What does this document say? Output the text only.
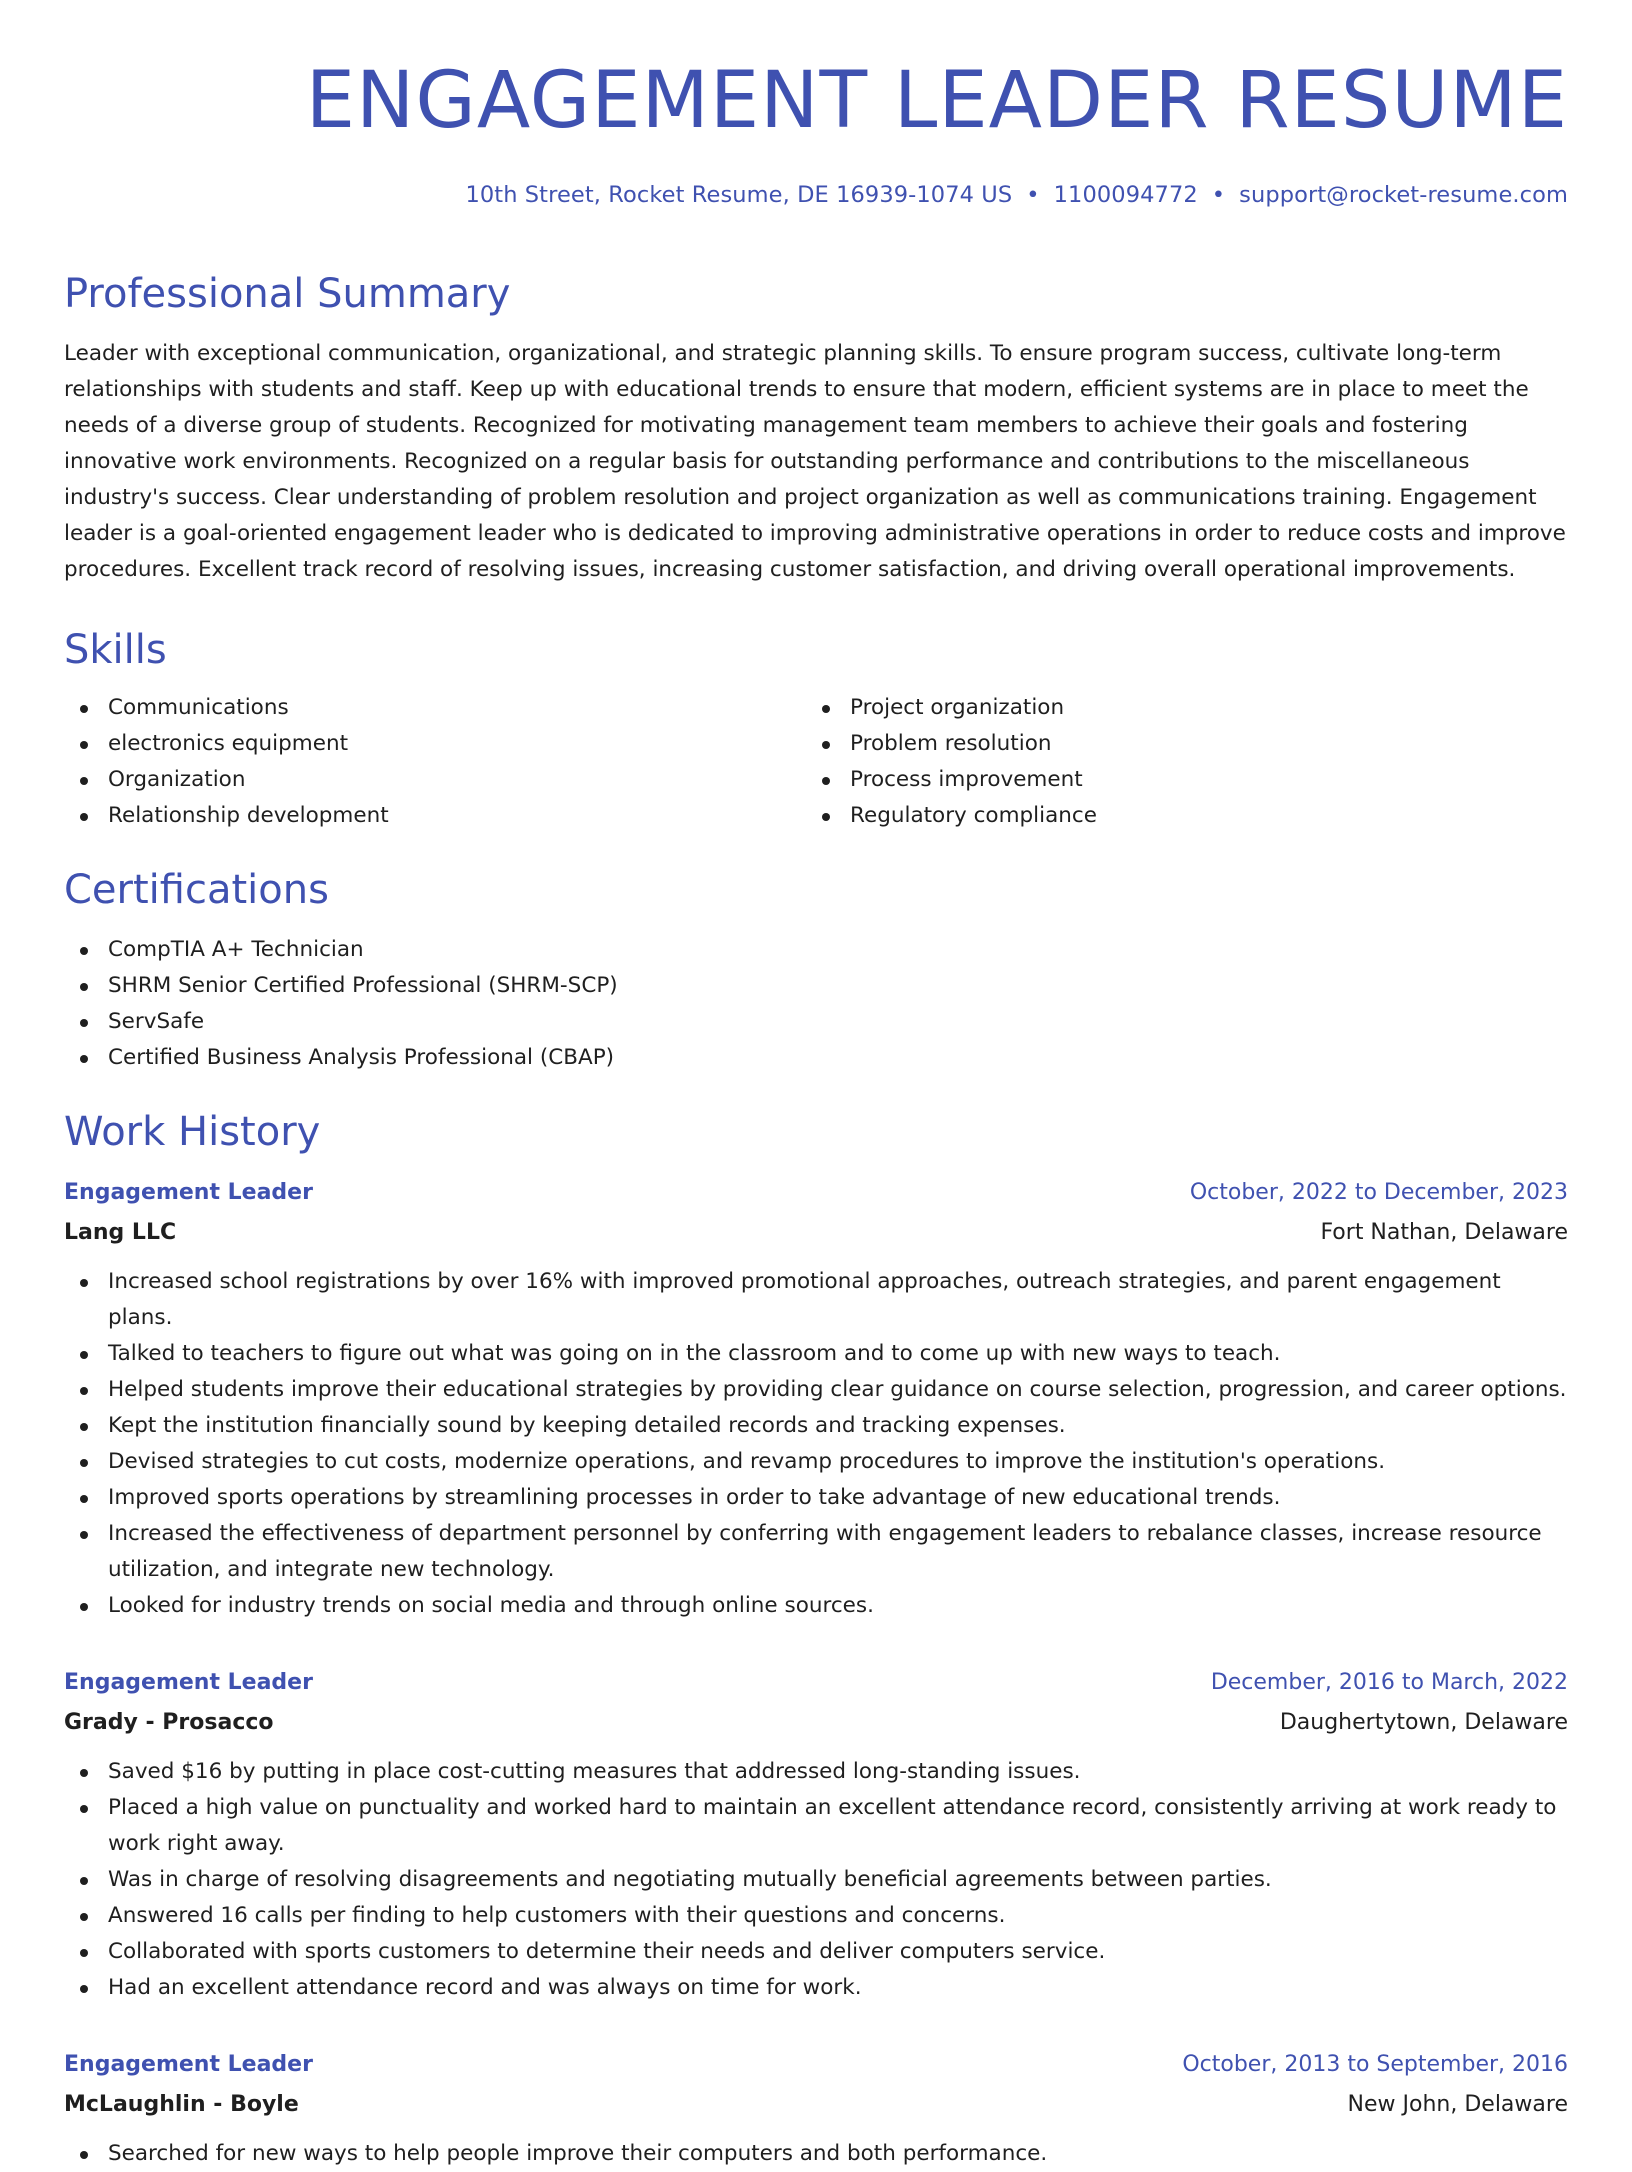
ENGAGEMENT LEADER RESUME
10th Street, Rocket Resume, DE 16939-1074 US • 1100094772 • support@rocket-resume.com
Professional Summary

Leader with exceptional communication, organizational, and strategic planning skills. To ensure program success, cultivate long-term relationships with students and staff. Keep up with educational trends to ensure that modern, efficient systems are in place to meet the needs of a diverse group of students. Recognized for motivating management team members to achieve their goals and fostering innovative work environments. Recognized on a regular basis for outstanding performance and contributions to the miscellaneous industry's success. Clear understanding of problem resolution and project organization as well as communications training. Engagement leader is a goal-oriented engagement leader who is dedicated to improving administrative operations in order to reduce costs and improve procedures. Excellent track record of resolving issues, increasing customer satisfaction, and driving overall operational improvements.

Skills
Communications
electronics equipment
Organization
Relationship development
Project organization
Problem resolution
Process improvement
Regulatory compliance
Certifications
CompTIA A+ Technician
SHRM Senior Certified Professional (SHRM-SCP)
ServSafe
Certified Business Analysis Professional (CBAP)
Work History
Engagement Leader	October, 2022 to December, 2023
Lang LLC	Fort Nathan, Delaware
Increased school registrations by over 16% with improved promotional approaches, outreach strategies, and parent engagement plans.
Talked to teachers to figure out what was going on in the classroom and to come up with new ways to teach.
Helped students improve their educational strategies by providing clear guidance on course selection, progression, and career options.
Kept the institution financially sound by keeping detailed records and tracking expenses.
Devised strategies to cut costs, modernize operations, and revamp procedures to improve the institution's operations.
Improved sports operations by streamlining processes in order to take advantage of new educational trends.
Increased the effectiveness of department personnel by conferring with engagement leaders to rebalance classes, increase resource utilization, and integrate new technology.
Looked for industry trends on social media and through online sources.
Engagement Leader	December, 2016 to March, 2022
Grady - Prosacco	Daughertytown, Delaware
Saved $16 by putting in place cost-cutting measures that addressed long-standing issues.
Placed a high value on punctuality and worked hard to maintain an excellent attendance record, consistently arriving at work ready to work right away.
Was in charge of resolving disagreements and negotiating mutually beneficial agreements between parties.
Answered 16 calls per finding to help customers with their questions and concerns.
Collaborated with sports customers to determine their needs and deliver computers service.
Had an excellent attendance record and was always on time for work.
Engagement Leader	October, 2013 to September, 2016
McLaughlin - Boyle	New John, Delaware
Searched for new ways to help people improve their computers and both performance.
